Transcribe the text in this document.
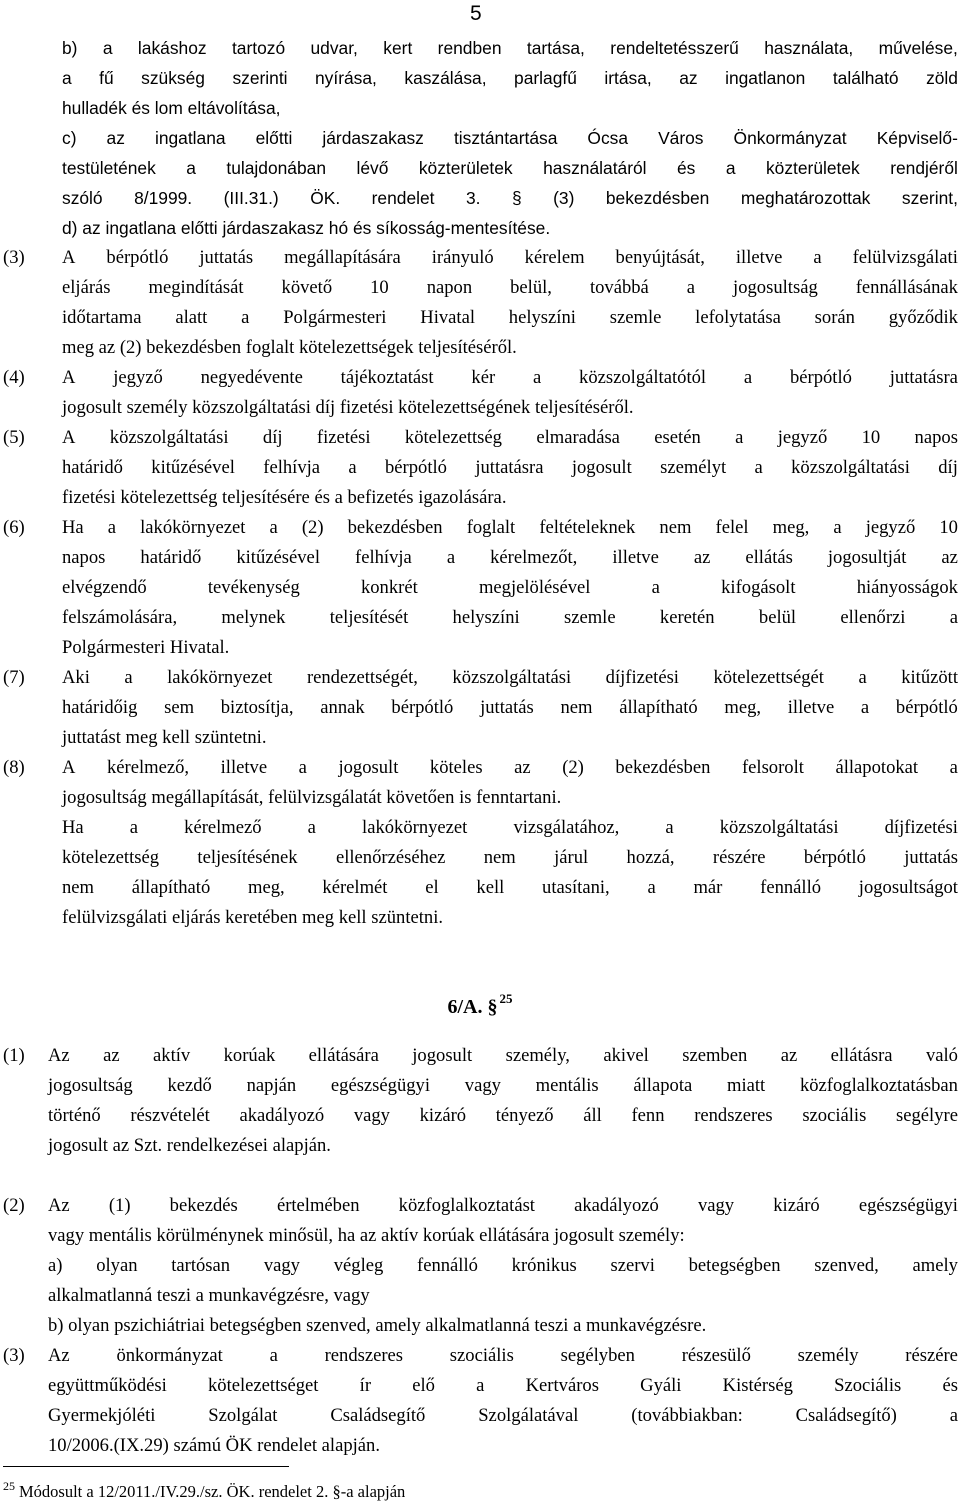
5
b) a lakáshoz tartozó udvar, kert rendben tartása, rendeltetésszerű használata, művelése,
a fű szükség szerinti nyírása, kaszálása, parlagfű irtása, az ingatlanon található zöld
hulladék és lom eltávolítása,
c) az ingatlana előtti járdaszakasz tisztántartása Ócsa Város Önkormányzat Képviselő-
testületének a tulajdonában lévő közterületek használatáról és a közterületek rendjéről
szóló 8/1999. (III.31.) ÖK. rendelet 3. § (3) bekezdésben meghatározottak szerint,
d) az ingatlana előtti járdaszakasz hó és síkosság-mentesítése.
(3) A bérpótló juttatás megállapítására irányuló kérelem benyújtását, illetve a felülvizsgálati
eljárás megindítását követő 10 napon belül, továbbá a jogosultság fennállásának
időtartama alatt a Polgármesteri Hivatal helyszíni szemle lefolytatása során győződik
meg az (2) bekezdésben foglalt kötelezettségek teljesítéséről.
(4) A jegyző negyedévente tájékoztatást kér a közszolgáltatótól a bérpótló juttatásra
jogosult személy közszolgáltatási díj fizetési kötelezettségének teljesítéséről.
(5) A közszolgáltatási díj fizetési kötelezettség elmaradása esetén a jegyző 10 napos
határidő kitűzésével felhívja a bérpótló juttatásra jogosult személyt a közszolgáltatási díj
fizetési kötelezettség teljesítésére és a befizetés igazolására.
(6) Ha a lakókörnyezet a (2) bekezdésben foglalt feltételeknek nem felel meg, a jegyző 10
napos határidő kitűzésével felhívja a kérelmezőt, illetve az ellátás jogosultját az
elvégzendő	tevékenység	konkrét	megjelölésével	a	kifogásolt	hiányosságok
felszámolására, melynek teljesítését helyszíni szemle keretén belül ellenőrzi a
Polgármesteri Hivatal.
(7) Aki a lakókörnyezet rendezettségét, közszolgáltatási díjfizetési kötelezettségét a kitűzött
határidőig sem biztosítja, annak bérpótló juttatás nem állapítható meg, illetve a bérpótló
juttatást meg kell szüntetni.
(8) A kérelmező, illetve a jogosult köteles az (2) bekezdésben felsorolt állapotokat a
jogosultság megállapítását, felülvizsgálatát követően is fenntartani.
Ha a kérelmező a lakókörnyezet vizsgálatához, a közszolgáltatási díjfizetési
kötelezettség teljesítésének ellenőrzéséhez nem járul hozzá, részére bérpótló juttatás
nem állapítható meg, kérelmét el kell utasítani, a már fennálló jogosultságot
felülvizsgálati eljárás keretében meg kell szüntetni.
(1) Az az aktív korúak ellátására jogosult személy, akivel szemben az ellátásra való
jogosultság kezdő napján egészségügyi vagy mentális állapota miatt közfoglalkoztatásban
történő részvételét akadályozó vagy kizáró tényező áll fenn rendszeres szociális segélyre
jogosult az Szt. rendelkezései alapján.
(2) Az (1) bekezdés értelmében közfoglalkoztatást akadályozó vagy kizáró egészségügyi
vagy mentális körülménynek minősül, ha az aktív korúak ellátására jogosult személy:
a) olyan tartósan vagy végleg fennálló krónikus szervi betegségben szenved, amely
alkalmatlanná teszi a munkavégzésre, vagy
b) olyan pszichiátriai betegségben szenved, amely alkalmatlanná teszi a munkavégzésre.
(3) Az	önkormányzat	a	rendszeres	szociális	segélyben	részesülő	személy	részére
együttműködési kötelezettséget ír elő a Kertváros Gyáli Kistérség Szociális és
Gyermekjóléti	Szolgálat	Családsegítő	Szolgálatával	(továbbiakban:	Családsegítő)	a
10/2006.(IX.29) számú ÖK rendelet alapján.
6/A. § $^{25}$
$^{25}$ Módosult a 12/2011./IV.29./sz. ÖK. rendelet 2. §-a alapján
